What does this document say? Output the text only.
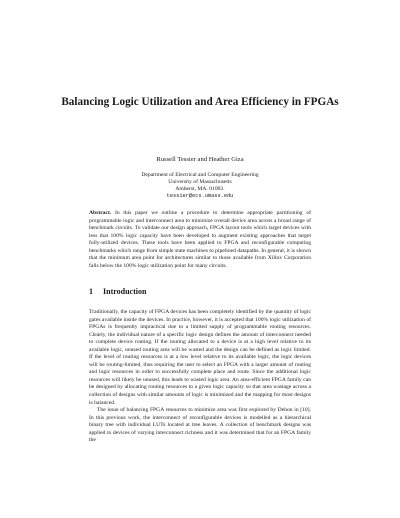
Balancing Logic Utilization and Area Efficiency in FPGAs
Russell Tessier and Heather Giza
Department of Electrical and Computer Engineering
University of Massachusetts
Amherst, MA. 01003.
tessier@ecs.umass.edu
Abstract. In this paper we outline a procedure to determine appropriate partitioning of programmable logic and interconnect area to minimize overall device area across a broad range of benchmark circuits. To validate our design approach, FPGA layout tools which target devices with less that 100% logic capacity have been developed to augment existing approaches that target fully-utilized devices. These tools have been applied to FPGA and reconfigurable computing benchmarks which range from simple state machines to pipelined datapaths. In general, it is shown that the minimum area point for architectures similar to those available from Xilinx Corporation falls below the 100% logic utilization point for many circuits.
1 Introduction

Traditionally, the capacity of FPGA devices has been completely identified by the quantity of logic gates available inside the devices. In practice, however, it is accepted that 100% logic utilization of FPGAs is frequently impractical due to a limited supply of programmable routing resources. Clearly, the individual nature of a specific logic design defines the amount of interconnect needed to complete device routing. If the routing allocated to a device is at a high level relative to its available logic, unused routing area will be wasted and the design can be defined as logic limited. If the level of routing resources is at a low level relative to its available logic, the logic devices will be routing-limited, thus requiring the user to select an FPGA with a larger amount of routing and logic resources in order to successfully complete place and route. Since the additional logic resources will likely be unused, this leads to wasted logic area. An area-efficient FPGA family can be designed by allocating routing resources to a given logic capacity so that area wastage across a collection of designs with similar amounts of logic is minimized and the mapping for most designs is balanced.

The issue of balancing FPGA resources to minimize area was first explored by Dehon in [10]. In this previous work, the interconnect of reconfigurable devices is modelled as a hierarchical binary tree with individual LUTs located at tree leaves. A collection of benchmark designs was applied to devices of varying interconnect richness and it was determined that for an FPGA family the
